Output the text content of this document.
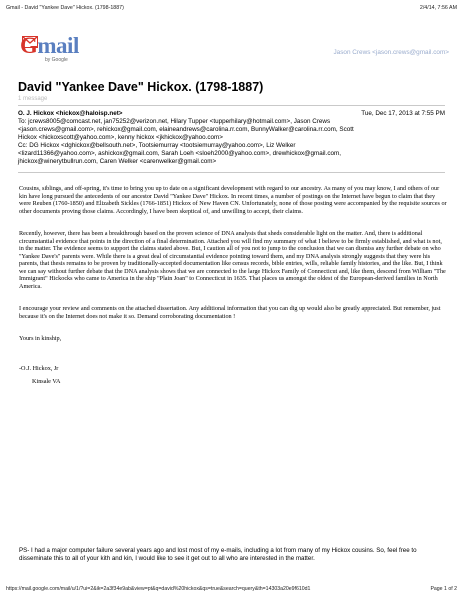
Gmail - David "Yankee Dave" Hickox. (1798-1887)	2/4/14, 7:56 AM
Gmail
by Google
Jason Crews <jason.crews@gmail.com>
David "Yankee Dave" Hickox. (1798-1887)
1 message

O. J. Hickox <hickox@haloisp.net>	Tue, Dec 17, 2013 at 7:55 PM

To: jcrews8005@comcast.net, jan75252@verizon.net, Hilary Tupper <tupperhilary@hotmail.com>, Jason Crews

<jason.crews@gmail.com>, rehickox@gmail.com, elaineandrews@carolina.rr.com, BunnyWalker@carolina.rr.com, Scott

Hickox <hickoxscott@yahoo.com>, kenny hickox <jkhickox@yahoo.com>

Cc: DG Hickox <dghickox@bellsouth.net>, Tootsiemurray <tootsiemurray@yahoo.com>, Liz Welker

<lizard11366@yahoo.com>, ashickox@gmail.com, Sarah Loeh <sloeh2000@yahoo.com>, drewhickox@gmail.com,

jhickox@winerytbullrun.com, Caren Welker <carenwelker@gmail.com>

Cousins, siblings, and off-spring, it's time to bring you up to date on a significant development with regard to our ancestry. As many of you may know, I and others of our kin have long pursued the antecedents of our ancestor David "Yankee Dave" Hickox. In recent times, a number of postings on the Internet have begun to claim that they were Reuben (1760-1850) and Elizabeth Sickles (1766-1851) Hickox of New Haven CN. Unfortunately, none of those posting were accompanied by the requisite sources or other documents proving those claims. Accordingly, I have been skeptical of, and unwilling to accept, their claims.

Recently, however, there has been a breakthrough based on the proven science of DNA analysis that sheds considerable light on the matter. And, there is additional circumstantial evidence that points in the direction of a final determination. Attached you will find my summary of what I believe to be firmly established, and what is not, in the matter. The evidence seems to support the claims stated above. But, I caution all of you not to jump to the conclusion that we can dismiss any further debate on who "Yankee Dave's" parents were. While there is a great deal of circumstantial evidence pointing toward them, and my DNA analysis strongly suggests that they were his parents, that thesis remains to be proven by traditionally-accepted documentation like census records, bible entries, wills, reliable family histories, and the like. But, I think we can say without further debate that the DNA analysis shows that we are connected to the large Hickox Family of Connecticut and, like them, descend from William "The Immigrant" Hickocks who came to America in the ship "Plain Joan" to Connecticut in 1635. That places us amongst the oldest of the European-derived families in North America.

I encourage your review and comments on the attached dissertation. Any additional information that you can dig up would also be greatly appreciated. But remember, just because it's on the Internet does not make it so. Demand corroborating documentation !

Yours in kinship,

-O.J. Hickox, Jr

Kinsale VA

PS- I had a major computer failure several years ago and lost most of my e-mails, including a lot from many of my Hickox cousins. So, feel free to disseminate this to all of your kith and kin, I would like to see it get out to all who are interested in the matter.
https://mail.google.com/mail/u/1/?ui=2&ik=2a3f34e9ab&view=pt&q=david%20hickox&qs=true&search=query&th=14303a20e9f610d1	Page 1 of 2
